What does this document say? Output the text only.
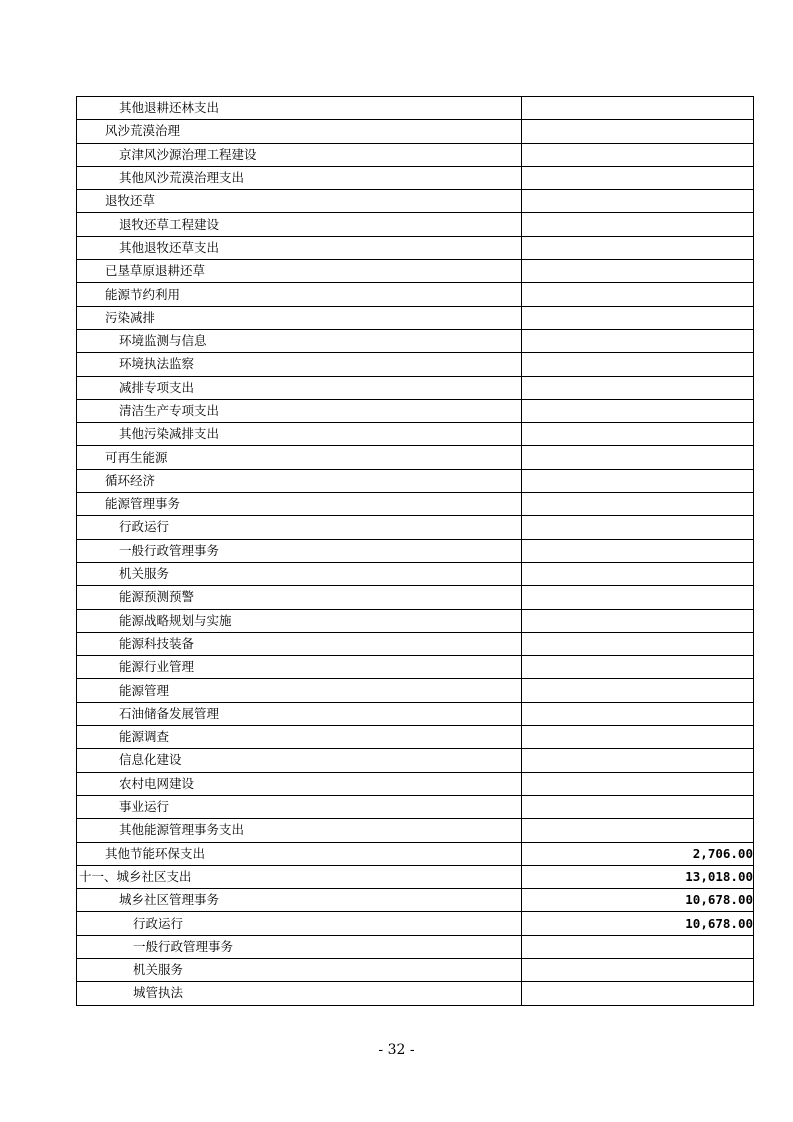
其他退耕还林支出	
风沙荒漠治理	
京津风沙源治理工程建设	
其他风沙荒漠治理支出	
退牧还草	
退牧还草工程建设	
其他退牧还草支出	
已垦草原退耕还草	
能源节约利用	
污染减排	
环境监测与信息	
环境执法监察	
减排专项支出	
清洁生产专项支出	
其他污染减排支出	
可再生能源	
循环经济	
能源管理事务	
行政运行	
一般行政管理事务	
机关服务	
能源预测预警	
能源战略规划与实施	
能源科技装备	
能源行业管理	
能源管理	
石油储备发展管理	
能源调查	
信息化建设	
农村电网建设	
事业运行	
其他能源管理事务支出	
其他节能环保支出	2,706.00
十一、城乡社区支出	13,018.00
城乡社区管理事务	10,678.00
行政运行	10,678.00
一般行政管理事务	
机关服务	
城管执法	
- 32 -
